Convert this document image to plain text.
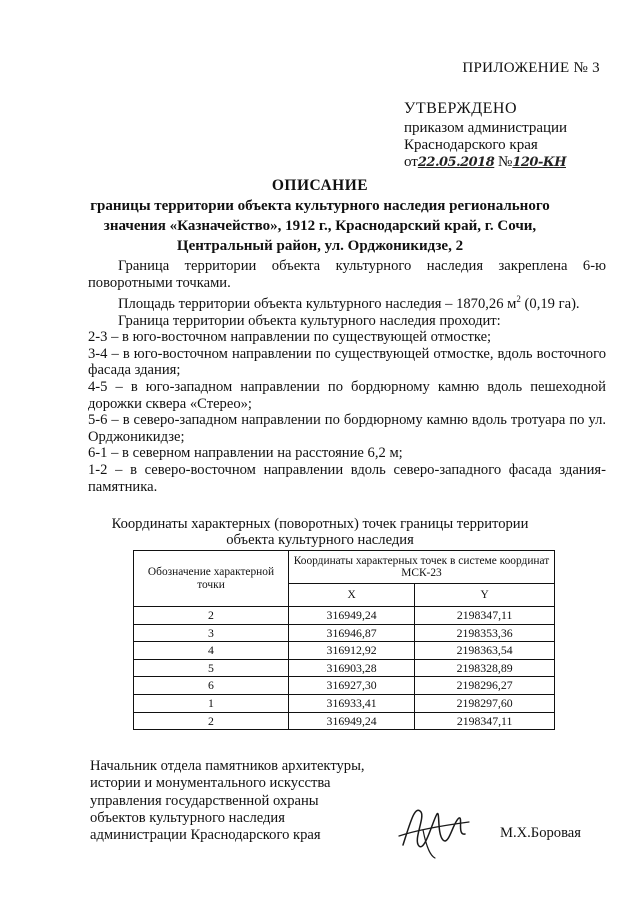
ПРИЛОЖЕНИЕ № 3
УТВЕРЖДЕНО
приказом администрации
Краснодарского края
от22.05.2018 №120-КН
ОПИСАНИЕ
границы территории объекта культурного наследия регионального
значения «Казначейство», 1912 г., Краснодарский край, г. Сочи,
Центральный район, ул. Орджоникидзе, 2

Граница территории объекта культурного наследия закреплена 6-ю поворотными точками.

Площадь территории объекта культурного наследия – 1870,26 $м^2$ (0,19 га).

Граница территории объекта культурного наследия проходит:

2-3 – в юго-восточном направлении по существующей отмостке;

3-4 – в юго-восточном направлении по существующей отмостке, вдоль восточного фасада здания;

4-5 – в юго-западном направлении по бордюрному камню вдоль пешеходной дорожки сквера «Стерео»;

5-6 – в северо-западном направлении по бордюрному камню вдоль тротуара по ул. Орджоникидзе;

6-1 – в северном направлении на расстояние 6,2 м;

1-2 – в северо-восточном направлении вдоль северо-западного фасада здания-памятника.

Координаты характерных (поворотных) точек границы территории
объекта культурного наследия
Обозначение характерной точки	Координаты характерных точек в системе координат МСК-23	
	X	Y
2	316949,24	2198347,11
3	316946,87	2198353,36
4	316912,92	2198363,54
5	316903,28	2198328,89
6	316927,30	2198296,27
1	316933,41	2198297,60
2	316949,24	2198347,11
Начальник отдела памятников архитектуры,
истории и монументального искусства
управления государственной охраны
объектов культурного наследия
администрации Краснодарского края	М.Х.Боровая
